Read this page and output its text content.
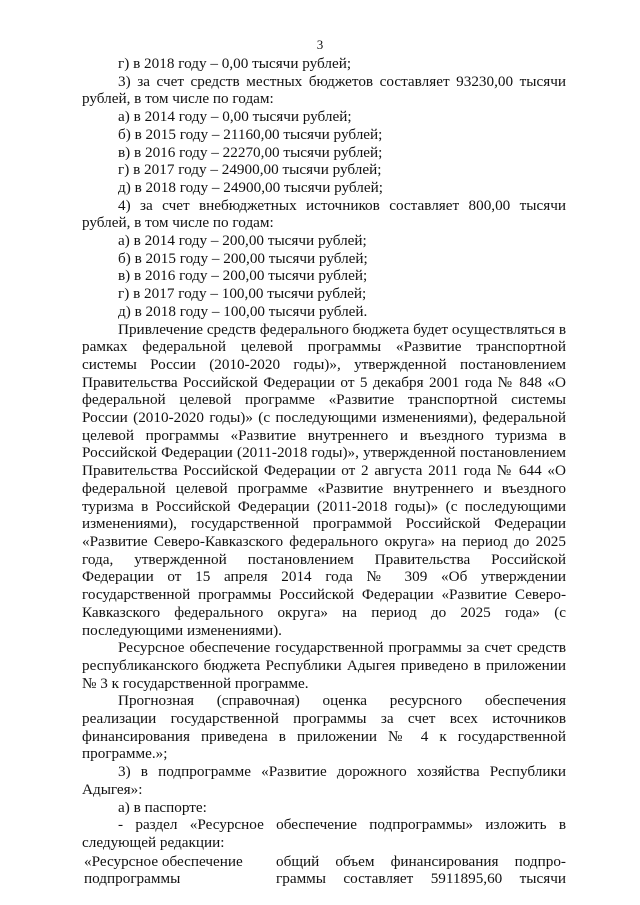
3

г) в 2018 году – 0,00 тысячи рублей;

3) за счет средств местных бюджетов составляет 93230,00 тысячи рублей, в том числе по годам:

а) в 2014 году – 0,00 тысячи рублей;

б) в 2015 году – 21160,00 тысячи рублей;

в) в 2016 году – 22270,00 тысячи рублей;

г) в 2017 году – 24900,00 тысячи рублей;

д) в 2018 году – 24900,00 тысячи рублей;

4) за счет внебюджетных источников составляет 800,00 тысячи рублей, в том числе по годам:

а) в 2014 году – 200,00 тысячи рублей;

б) в 2015 году – 200,00 тысячи рублей;

в) в 2016 году – 200,00 тысячи рублей;

г) в 2017 году – 100,00 тысячи рублей;

д) в 2018 году – 100,00 тысячи рублей.

Привлечение средств федерального бюджета будет осуществляться в рамках федеральной целевой программы «Развитие транспортной системы России (2010-2020 годы)», утвержденной постановлением Правительства Российской Федерации от 5 декабря 2001 года № 848 «О федеральной целевой программе «Развитие транспортной системы России (2010-2020 годы)» (с последующими изменениями), федеральной целевой программы «Развитие внутреннего и въездного туризма в Российской Федерации (2011-2018 годы)», утвержденной постановлением Правительства Российской Федерации от 2 августа 2011 года № 644 «О федеральной целевой программе «Развитие внутреннего и въездного туризма в Российской Федерации (2011-2018 годы)» (с последующими изменениями), государственной программой Российской Федерации «Развитие Северо-Кавказского федерального округа» на период до 2025 года, утвержденной постановлением Правительства Российской Федерации от 15 апреля 2014 года № 309 «Об утверждении государственной программы Российской Федерации «Развитие Северо-Кавказского федерального округа» на период до 2025 года» (с последующими изменениями).

Ресурсное обеспечение государственной программы за счет средств республиканского бюджета Республики Адыгея приведено в приложении № 3 к государственной программе.

Прогнозная (справочная) оценка ресурсного обеспечения реализации государственной программы за счет всех источников финансирования приведена в приложении № 4 к государственной программе.»;

3) в подпрограмме «Развитие дорожного хозяйства Республики Адыгея»:

а) в паспорте:

- раздел «Ресурсное обеспечение подпрограммы» изложить в следующей редакции:

«Ресурсное обеспечение подпрограммы
общий объем финансирования подпро-
граммы составляет 5911895,60 тысячи
